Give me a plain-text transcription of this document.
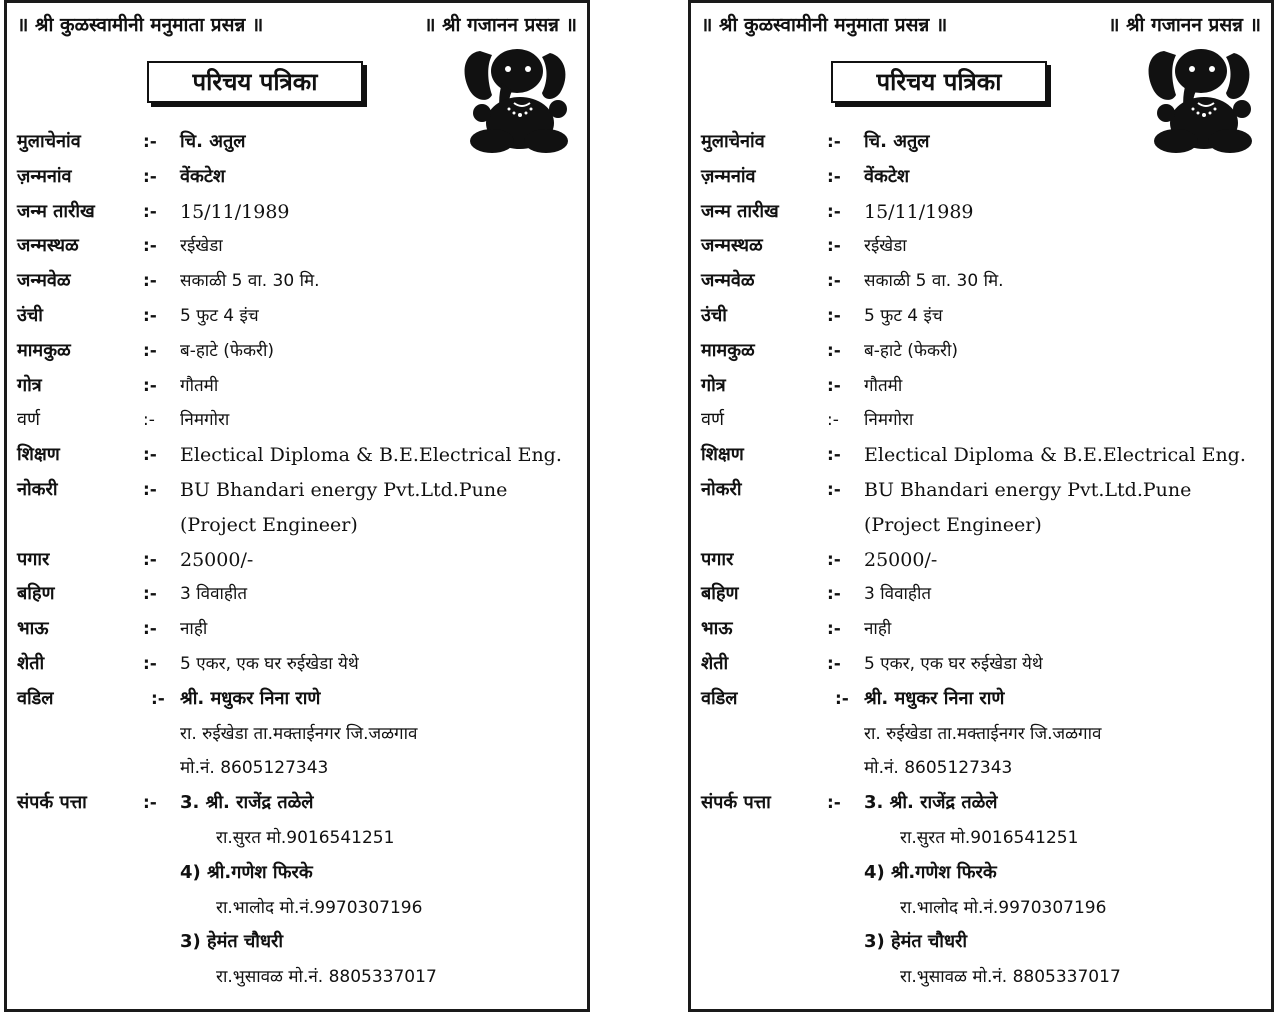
॥ श्री कुळस्वामीनी मनुमाता प्रसन्न ॥	॥ श्री गजानन प्रसन्न ॥
परिचय पत्रिका
मुलाचेनांव	:- चि. अतुल
ज़न्मनांव	:- वेंकटेश
जन्म तारीख	:- 15/11/1989
जन्मस्थळ	:- रईखेडा
जन्मवेळ	:- सकाळी 5 वा. 30 मि.
उंची	:- 5 फुट 4 इंच
मामकुळ	:- ब-हाटे (फेकरी)
गोत्र	:- गौतमी
वर्ण	:- निमगोरा
शिक्षण	:- Electical Diploma & B.E.Electrical Eng.
नोकरी	:- BU Bhandari energy Pvt.Ltd.Pune
(Project Engineer)
पगार	:- 25000/-
बहिण	:- 3 विवाहीत
भाऊ	:- नाही
शेती	:- 5 एकर, एक घर रुईखेडा येथे
वडिल	:- श्री. मधुकर निना राणे
रा. रुईखेडा ता.मक्ताईनगर जि.जळगाव
मो.नं. 8605127343
संपर्क पत्ता	:- 3. श्री. राजेंद्र तळेले
रा.सुरत मो.9016541251
4) श्री.गणेश फिरके
रा.भालोद मो.नं.9970307196
3) हेमंत चौधरी
रा.भुसावळ मो.नं. 8805337017
॥ श्री कुळस्वामीनी मनुमाता प्रसन्न ॥	॥ श्री गजानन प्रसन्न ॥
परिचय पत्रिका
मुलाचेनांव	:- चि. अतुल
ज़न्मनांव	:- वेंकटेश
जन्म तारीख	:- 15/11/1989
जन्मस्थळ	:- रईखेडा
जन्मवेळ	:- सकाळी 5 वा. 30 मि.
उंची	:- 5 फुट 4 इंच
मामकुळ	:- ब-हाटे (फेकरी)
गोत्र	:- गौतमी
वर्ण	:- निमगोरा
शिक्षण	:- Electical Diploma & B.E.Electrical Eng.
नोकरी	:- BU Bhandari energy Pvt.Ltd.Pune
(Project Engineer)
पगार	:- 25000/-
बहिण	:- 3 विवाहीत
भाऊ	:- नाही
शेती	:- 5 एकर, एक घर रुईखेडा येथे
वडिल	:- श्री. मधुकर निना राणे
रा. रुईखेडा ता.मक्ताईनगर जि.जळगाव
मो.नं. 8605127343
संपर्क पत्ता	:- 3. श्री. राजेंद्र तळेले
रा.सुरत मो.9016541251
4) श्री.गणेश फिरके
रा.भालोद मो.नं.9970307196
3) हेमंत चौधरी
रा.भुसावळ मो.नं. 8805337017
